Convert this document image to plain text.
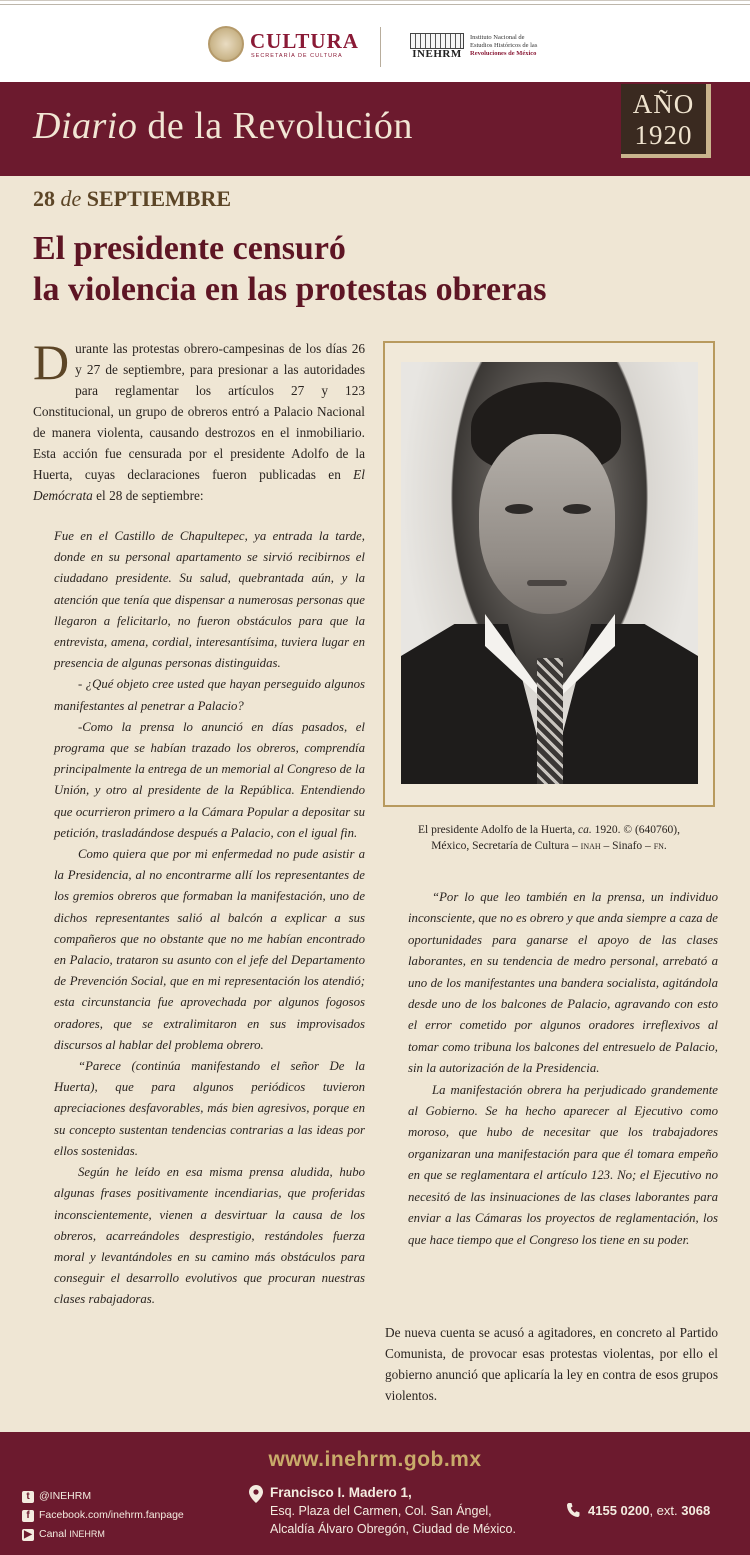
CULTURA
SECRETARÍA DE CULTURA	INEHRM
Instituto Nacional de
Estudios Históricos de las
Revoluciones de México
Diario de la Revolución
AÑO
1920
28 de SEPTIEMBRE
El presidente censuró
la violencia en las protestas obreras

Durante las protestas obrero-campesinas de los días 26 y 27 de septiembre, para presionar a las autoridades para reglamentar los artículos 27 y 123 Constitucional, un grupo de obreros entró a Palacio Nacional de manera violenta, causando destrozos en el inmobiliario. Esta acción fue censurada por el presidente Adolfo de la Huerta, cuyas declaraciones fueron publicadas en El Demócrata el 28 de septiembre:

Fue en el Castillo de Chapultepec, ya entrada la tarde, donde en su personal apartamento se sirvió recibirnos el ciudadano presidente. Su salud, quebrantada aún, y la atención que tenía que dispensar a numerosas personas que llegaron a felicitarlo, no fueron obstáculos para que la entrevista, amena, cordial, interesantísima, tuviera lugar en presencia de algunas personas distinguidas.

- ¿Qué objeto cree usted que hayan perseguido algunos manifestantes al penetrar a Palacio?

-Como la prensa lo anunció en días pasados, el programa que se habían trazado los obreros, comprendía principalmente la entrega de un memorial al Congreso de la Unión, y otro al presidente de la República. Entendiendo que ocurrieron primero a la Cámara Popular a depositar su petición, trasladándose después a Palacio, con el igual fin.

Como quiera que por mi enfermedad no pude asistir a la Presidencia, al no encontrarme allí los representantes de los gremios obreros que formaban la manifestación, uno de dichos representantes salió al balcón a explicar a sus compañeros que no obstante que no me habían encontrado en Palacio, trataron su asunto con el jefe del Departamento de Prevención Social, que en mi representación los atendió; esta circunstancia fue aprovechada por algunos fogosos oradores, que se extralimitaron en sus improvisados discursos al hablar del problema obrero.

“Parece (continúa manifestando el señor De la Huerta), que para algunos periódicos tuvieron apreciaciones desfavorables, más bien agresivos, porque en su concepto sustentan tendencias contrarias a las ideas por ellos sostenidas.

Según he leído en esa misma prensa aludida, hubo algunas frases positivamente incendiarias, que proferidas inconscientemente, vienen a desvirtuar la causa de los obreros, acarreándoles desprestigio, restándoles fuerza moral y levantándoles en su camino más obstáculos para conseguir el desarrollo evolutivos que procuran nuestras clases rabajadoras.

El presidente Adolfo de la Huerta, ca. 1920. © (640760),
México, Secretaría de Cultura – inah – Sinafo – fn.

“Por lo que leo también en la prensa, un individuo inconsciente, que no es obrero y que anda siempre a caza de oportunidades para ganarse el apoyo de las clases laborantes, en su tendencia de medro personal, arrebató a uno de los manifestantes una bandera socialista, agitándola desde uno de los balcones de Palacio, agravando con esto el error cometido por algunos oradores irreflexivos al tomar como tribuna los balcones del entresuelo de Palacio, sin la autorización de la Presidencia.

La manifestación obrera ha perjudicado grandemente al Gobierno. Se ha hecho aparecer al Ejecutivo como moroso, que hubo de necesitar que los trabajadores organizaran una manifestación para que él tomara empeño en que se reglamentara el artículo 123. No; el Ejecutivo no necesitó de las insinuaciones de las clases laborantes para enviar a las Cámaras los proyectos de reglamentación, los que hace tiempo que el Congreso los tiene en su poder.

De nueva cuenta se acusó a agitadores, en concreto al Partido Comunista, de provocar esas protestas violentas, por ello el gobierno anunció que aplicaría la ley en contra de esos grupos violentos.
www.inehrm.gob.mx
t @INEHRM
f Facebook.com/inehrm.fanpage
▶ Canal INEHRM
Francisco I. Madero 1,
Esq. Plaza del Carmen, Col. San Ángel,
Alcaldía Álvaro Obregón, Ciudad de México.
4155 0200, ext. 3068
